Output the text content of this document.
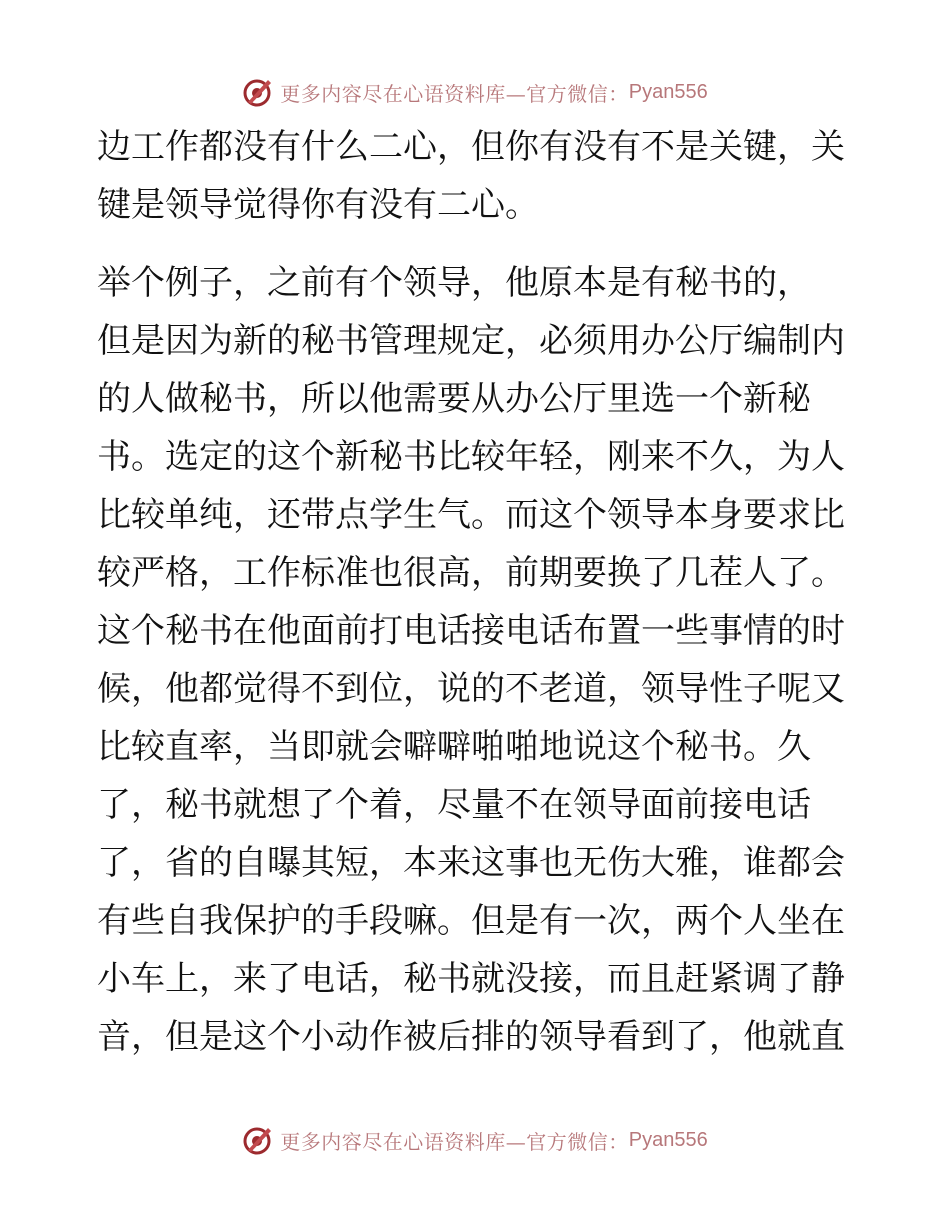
更多内容尽在心语资料库—官方微信： Pyan556
边工作都没有什么二心，但你有没有不是关键，关
键是领导觉得你有没有二心。
举个例子，之前有个领导，他原本是有秘书的，
但是因为新的秘书管理规定，必须用办公厅编制内
的人做秘书，所以他需要从办公厅里选一个新秘
书。选定的这个新秘书比较年轻，刚来不久，为人
比较单纯，还带点学生气。而这个领导本身要求比
较严格，工作标准也很高，前期要换了几茬人了。
这个秘书在他面前打电话接电话布置一些事情的时
候，他都觉得不到位，说的不老道，领导性子呢又
比较直率，当即就会噼噼啪啪地说这个秘书。久
了，秘书就想了个着，尽量不在领导面前接电话
了，省的自曝其短，本来这事也无伤大雅，谁都会
有些自我保护的手段嘛。但是有一次，两个人坐在
小车上，来了电话，秘书就没接，而且赶紧调了静
音，但是这个小动作被后排的领导看到了，他就直
更多内容尽在心语资料库—官方微信： Pyan556
